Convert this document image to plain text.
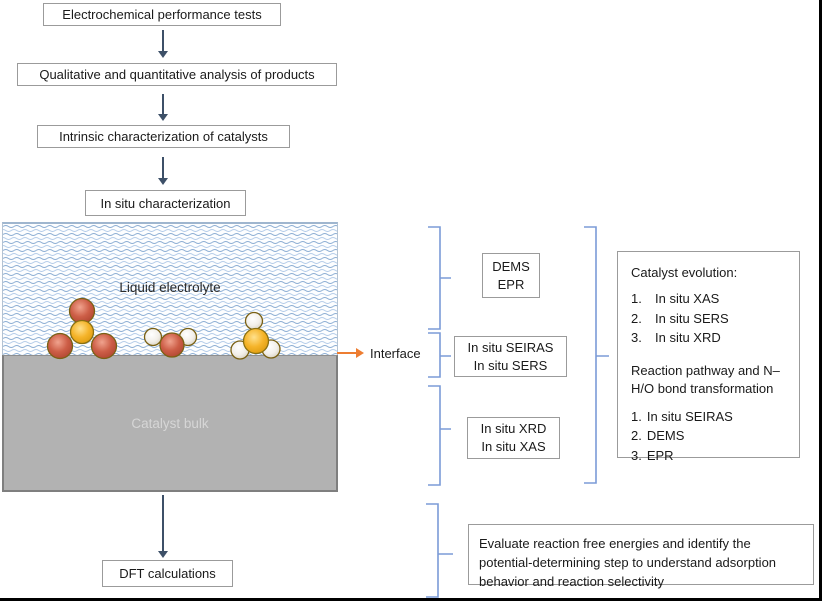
Electrochemical performance tests
Qualitative and quantitative analysis of products
Intrinsic characterization of catalysts
In situ characterization
Liquid electrolyte
Catalyst bulk
Interface
DEMS
EPR
In situ SEIRAS
In situ SERS
In situ XRD
In situ XAS

Catalyst evolution:

1.	In situ XAS
2.	In situ SERS
3.	In situ XRD

Reaction pathway and N–H/O bond transformation

1. In situ SEIRAS
2. DEMS
3. EPR
DFT calculations
Evaluate reaction free energies and identify the potential-determining step to understand adsorption behavior and reaction selectivity
